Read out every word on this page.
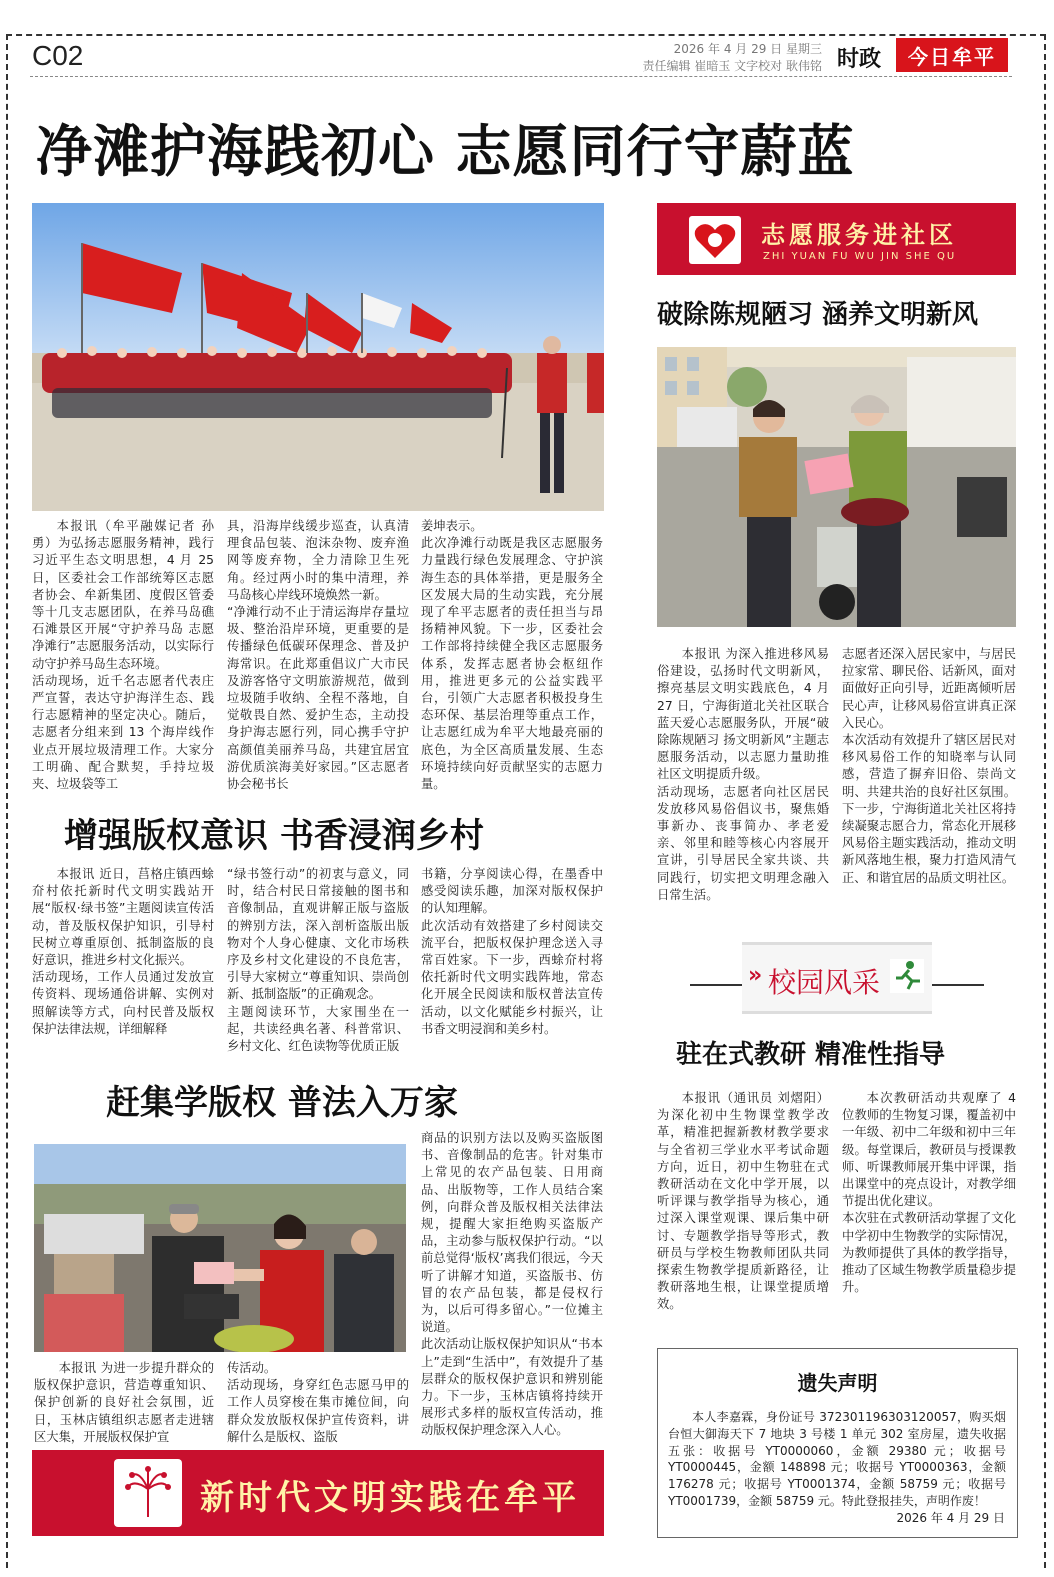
C02	2026 年 4 月 29 日 星期三
责任编辑 崔暗玉 文字校对 耿伟铭 时政	今日牟平
净滩护海践初心 志愿同行守蔚蓝
本报讯（牟平融媒记者 孙勇）为弘扬志愿服务精神，践行习近平生态文明思想，4 月 25 日，区委社会工作部统筹区志愿者协会、牟新集团、度假区管委等十几支志愿团队，在养马岛礁石滩景区开展“守护养马岛 志愿净滩行”志愿服务活动，以实际行动守护养马岛生态环境。
活动现场，近千名志愿者代表庄严宣誓，表达守护海洋生态、践行志愿精神的坚定决心。随后，志愿者分组来到 13 个海岸线作业点开展垃圾清理工作。大家分工明确、配合默契，手持垃圾夹、垃圾袋等工
具，沿海岸线缓步巡查，认真清理食品包装、泡沫杂物、废弃渔网等废弃物，全力清除卫生死角。经过两小时的集中清理，养马岛核心岸线环境焕然一新。
“净滩行动不止于清运海岸存量垃圾、整治沿岸环境，更重要的是传播绿色低碳环保理念、普及护海常识。在此郑重倡议广大市民及游客恪守文明旅游规范，做到垃圾随手收纳、全程不落地，自觉敬畏自然、爱护生态，主动投身护海志愿行列，同心携手守护高颜值美丽养马岛，共建宜居宜游优质滨海美好家园。”区志愿者协会秘书长
姜坤表示。
此次净滩行动既是我区志愿服务力量践行绿色发展理念、守护滨海生态的具体举措，更是服务全区发展大局的生动实践，充分展现了牟平志愿者的责任担当与昂扬精神风貌。下一步，区委社会工作部将持续健全我区志愿服务体系，发挥志愿者协会枢纽作用，推进更多元的公益实践平台，引领广大志愿者积极投身生态环保、基层治理等重点工作，让志愿红成为牟平大地最亮丽的底色，为全区高质量发展、生态环境持续向好贡献坚实的志愿力量。
增强版权意识 书香浸润乡村
本报讯 近日，莒格庄镇西蜍夼村依托新时代文明实践站开展“版权·绿书签”主题阅读宣传活动，普及版权保护知识，引导村民树立尊重原创、抵制盗版的良好意识，推进乡村文化振兴。
活动现场，工作人员通过发放宣传资料、现场通俗讲解、实例对照解读等方式，向村民普及版权保护法律法规，详细解释
“绿书签行动”的初衷与意义，同时，结合村民日常接触的图书和音像制品，直观讲解正版与盗版的辨别方法，深入剖析盗版出版物对个人身心健康、文化市场秩序及乡村文化建设的不良危害，引导大家树立“尊重知识、崇尚创新、抵制盗版”的正确观念。
主题阅读环节，大家围坐在一起，共读经典名著、科普常识、乡村文化、红色读物等优质正版
书籍，分享阅读心得，在墨香中感受阅读乐趣，加深对版权保护的认知理解。
此次活动有效搭建了乡村阅读交流平台，把版权保护理念送入寻常百姓家。下一步，西蜍夼村将依托新时代文明实践阵地，常态化开展全民阅读和版权普法宣传活动，以文化赋能乡村振兴，让书香文明浸润和美乡村。
赶集学版权 普法入万家
商品的识别方法以及购买盗版图书、音像制品的危害。针对集市上常见的农产品包装、日用商品、出版物等，工作人员结合案例，向群众普及版权相关法律法规，提醒大家拒绝购买盗版产品，主动参与版权保护行动。“以前总觉得‘版权’离我们很远，今天听了讲解才知道，买盗版书、仿冒的农产品包装，都是侵权行为，以后可得多留心。”一位摊主说道。
此次活动让版权保护知识从“书本上”走到“生活中”，有效提升了基层群众的版权保护意识和辨别能力。下一步，玉林店镇将持续开展形式多样的版权宣传活动，推动版权保护理念深入人心。
本报讯 为进一步提升群众的版权保护意识，营造尊重知识、保护创新的良好社会氛围，近日，玉林店镇组织志愿者走进辖区大集，开展版权保护宣
传活动。
活动现场，身穿红色志愿马甲的工作人员穿梭在集市摊位间，向群众发放版权保护宣传资料，讲解什么是版权、盗版
新时代文明实践在牟平
志愿服务进社区
ZHI YUAN FU WU JIN SHE QU
破除陈规陋习 涵养文明新风
本报讯 为深入推进移风易俗建设，弘扬时代文明新风，擦亮基层文明实践底色，4 月 27 日，宁海街道北关社区联合蓝天爱心志愿服务队，开展“破除陈规陋习 扬文明新风”主题志愿服务活动，以志愿力量助推社区文明提质升级。
活动现场，志愿者向社区居民发放移风易俗倡议书，聚焦婚事新办、丧事简办、孝老爱亲、邻里和睦等核心内容展开宣讲，引导居民全家共谈、共同践行，切实把文明理念融入日常生活。
志愿者还深入居民家中，与居民拉家常、聊民俗、话新风，面对面做好正向引导，近距离倾听居民心声，让移风易俗宣讲真正深入民心。
本次活动有效提升了辖区居民对移风易俗工作的知晓率与认同感，营造了摒弃旧俗、崇尚文明、共建共治的良好社区氛围。下一步，宁海街道北关社区将持续凝聚志愿合力，常态化开展移风易俗主题实践活动，推动文明新风落地生根，聚力打造风清气正、和谐宜居的品质文明社区。
» 校园风采
驻在式教研 精准性指导
本报讯（通讯员 刘熠阳）为深化初中生物课堂教学改革，精准把握新教材教学要求与全省初三学业水平考试命题方向，近日，初中生物驻在式教研活动在文化中学开展，以听评课与教学指导为核心，通过深入课堂观课、课后集中研讨、专题教学指导等形式，教研员与学校生物教师团队共同探索生物教学提质新路径，让教研落地生根，让课堂提质增效。
本次教研活动共观摩了 4 位教师的生物复习课，覆盖初中一年级、初中二年级和初中三年级。每堂课后，教研员与授课教师、听课教师展开集中评课，指出课堂中的亮点设计，对教学细节提出优化建议。
本次驻在式教研活动掌握了文化中学初中生物教学的实际情况，为教师提供了具体的教学指导，推动了区域生物教学质量稳步提升。
遗失声明
本人李嘉霖，身份证号 372301196303120057，购买烟台恒大御海天下 7 地块 3 号楼 1 单元 302 室房屋，遗失收据五张：收据号 YT0000060，金额 29380 元；收据号 YT0000445，金额 148898 元；收据号 YT0000363，金额 176278 元；收据号 YT0001374，金额 58759 元；收据号 YT0001739，金额 58759 元。特此登报挂失，声明作废！
2026 年 4 月 29 日
